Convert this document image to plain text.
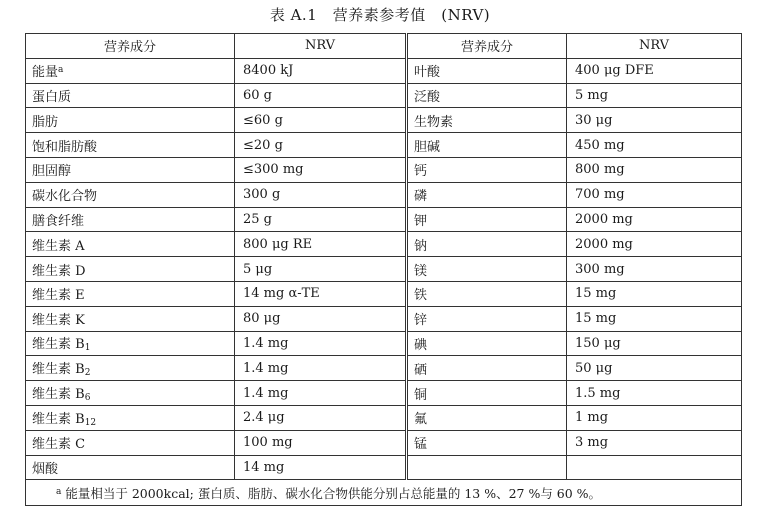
表 A.1　营养素参考值　(NRV)
营养成分	NRV	营养成分	NRV
能量$^a$	8400 kJ	叶酸	400 μg DFE
蛋白质	60 g	泛酸	5 mg
脂肪	≤60 g	生物素	30 μg
饱和脂肪酸	≤20 g	胆碱	450 mg
胆固醇	≤300 mg	钙	800 mg
碳水化合物	300 g	磷	700 mg
膳食纤维	25 g	钾	2000 mg
维生素 A	800 μg RE	钠	2000 mg
维生素 D	5 μg	镁	300 mg
维生素 E	14 mg α-TE	铁	15 mg
维生素 K	80 μg	锌	15 mg
维生素 $B_1$	1.4 mg	碘	150 μg
维生素 $B_2$	1.4 mg	硒	50 μg
维生素 $B_6$	1.4 mg	铜	1.5 mg
维生素 $B_{12}$	2.4 μg	氟	1 mg
维生素 C	100 mg	锰	3 mg
烟酸	14 mg		
$^a$ 能量相当于 2000kcal; 蛋白质、脂肪、碳水化合物供能分别占总能量的 13 %、27 %与 60 %。			
